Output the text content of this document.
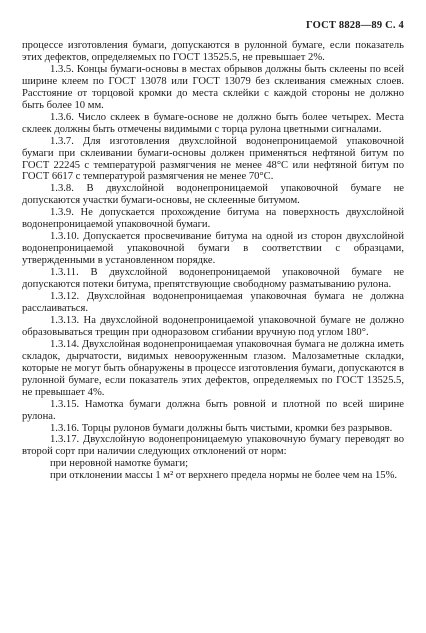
ГОСТ 8828—89 С. 4

процессе изготовления бумаги, допускаются в рулонной бумаге, если показатель этих дефектов, определяемых по ГОСТ 13525.5, не превышает 2%.

1.3.5. Концы бумаги-основы в местах обрывов должны быть склеены по всей ширине клеем по ГОСТ 13078 или ГОСТ 13079 без склеивания смежных слоев. Расстояние от торцовой кромки до места склейки с каждой стороны не должно быть более 10 мм.

1.3.6. Число склеек в бумаге-основе не должно быть более четырех. Места склеек должны быть отмечены видимыми с торца рулона цветными сигналами.

1.3.7. Для изготовления двухслойной водонепроницаемой упаковочной бумаги при склеивании бумаги-основы должен применяться нефтяной битум по ГОСТ 22245 с температурой размягчения не менее 48°С или нефтяной битум по ГОСТ 6617 с температурой размягчения не менее 70°С.

1.3.8. В двухслойной водонепроницаемой упаковочной бумаге не допускаются участки бумаги-основы, не склеенные битумом.

1.3.9. Не допускается прохождение битума на поверхность двухслойной водонепроницаемой упаковочной бумаги.

1.3.10. Допускается просвечивание битума на одной из сторон двухслойной водонепроницаемой упаковочной бумаги в соответствии с образцами, утвержденными в установленном порядке.

1.3.11. В двухслойной водонепроницаемой упаковочной бумаге не допускаются потеки битума, препятствующие свободному разматыванию рулона.

1.3.12. Двухслойная водонепроницаемая упаковочная бумага не должна расслаиваться.

1.3.13. На двухслойной водонепроницаемой упаковочной бумаге не должно образовываться трещин при одноразовом сгибании вручную под углом 180°.

1.3.14. Двухслойная водонепроницаемая упаковочная бумага не должна иметь складок, дырчатости, видимых невооруженным глазом. Малозаметные складки, которые не могут быть обнаружены в процессе изготовления бумаги, допускаются в рулонной бумаге, если показатель этих дефектов, определяемых по ГОСТ 13525.5, не превышает 4%.

1.3.15. Намотка бумаги должна быть ровной и плотной по всей ширине рулона.

1.3.16. Торцы рулонов бумаги должны быть чистыми, кромки без разрывов.

1.3.17. Двухслойную водонепроницаемую упаковочную бумагу переводят во второй сорт при наличии следующих отклонений от норм:

при неровной намотке бумаги;

при отклонении массы 1 м² от верхнего предела нормы не более чем на 15%.
